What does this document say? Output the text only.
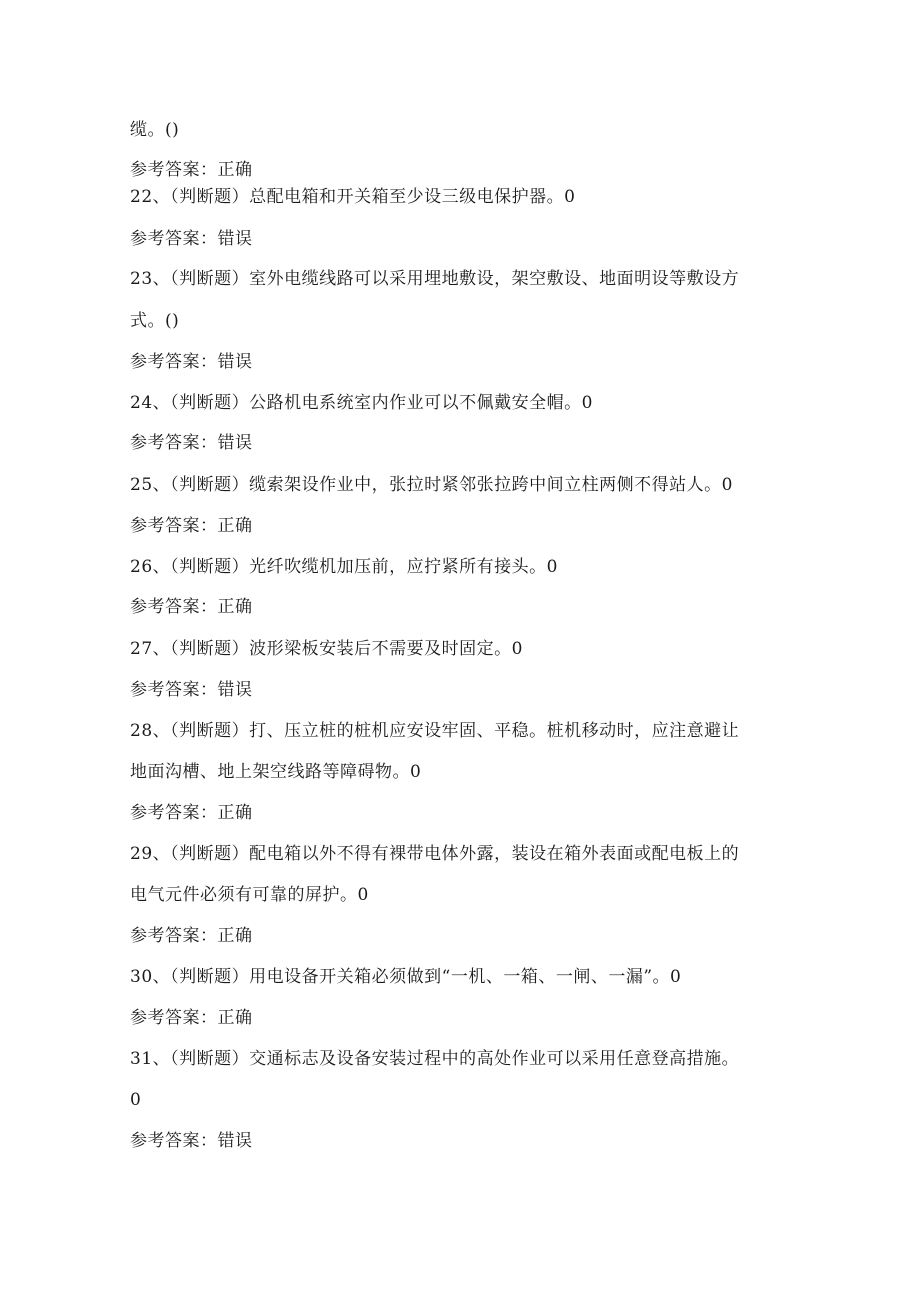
缆。()
参考答案：正确
22、（判断题）总配电箱和开关箱至少设三级电保护器。0
参考答案：错误
23、（判断题）室外电缆线路可以采用埋地敷设，架空敷设、地面明设等敷设方
式。()
参考答案：错误
24、（判断题）公路机电系统室内作业可以不佩戴安全帽。0
参考答案：错误
25、（判断题）缆索架设作业中，张拉时紧邻张拉跨中间立柱两侧不得站人。0
参考答案：正确
26、（判断题）光纤吹缆机加压前，应拧紧所有接头。0
参考答案：正确
27、（判断题）波形梁板安装后不需要及时固定。0
参考答案：错误
28、（判断题）打、压立桩的桩机应安设牢固、平稳。桩机移动时，应注意避让
地面沟槽、地上架空线路等障碍物。0
参考答案：正确
29、（判断题）配电箱以外不得有裸带电体外露，装设在箱外表面或配电板上的
电气元件必须有可靠的屏护。0
参考答案：正确
30、（判断题）用电设备开关箱必须做到“一机、一箱、一闸、一漏”。0
参考答案：正确
31、（判断题）交通标志及设备安装过程中的高处作业可以采用任意登高措施。
0
参考答案：错误
